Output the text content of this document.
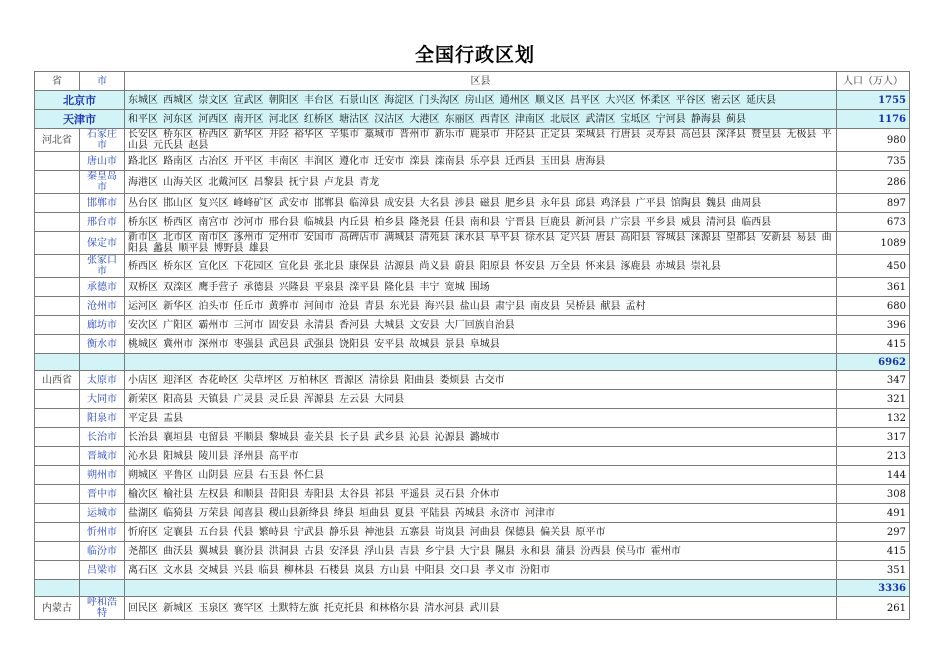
全国行政区划
省	市	区县	人口（万人）
北京市		东城区 西城区 崇文区 宣武区 朝阳区 丰台区 石景山区 海淀区 门头沟区 房山区 通州区 顺义区 昌平区 大兴区 怀柔区 平谷区 密云区 延庆县	1755
天津市		和平区 河东区 河西区 南开区 河北区 红桥区 塘沽区 汉沽区 大港区 东丽区 西青区 津南区 北辰区 武清区 宝坻区 宁河县 静海县 蓟县	1176
河北省	石家庄市	长安区 桥东区 桥西区 新华区 井陉 裕华区 辛集市 藁城市 晋州市 新乐市 鹿泉市 井陉县 正定县 栾城县 行唐县 灵寿县 高邑县 深泽县 赞皇县 无极县 平山县 元氏县 赵县	980
	唐山市	路北区 路南区 古冶区 开平区 丰南区 丰润区 遵化市 迁安市 滦县 滦南县 乐亭县 迁西县 玉田县 唐海县	735
	秦皇岛市	海港区 山海关区 北戴河区 昌黎县 抚宁县 卢龙县 青龙	286
	邯郸市	丛台区 邯山区 复兴区 峰峰矿区 武安市 邯郸县 临漳县 成安县 大名县 涉县 磁县 肥乡县 永年县 邱县 鸡泽县 广平县 馆陶县 魏县 曲周县	897
	邢台市	桥东区 桥西区 南宫市 沙河市 邢台县 临城县 内丘县 柏乡县 隆尧县 任县 南和县 宁晋县 巨鹿县 新河县 广宗县 平乡县 威县 清河县 临西县	673
	保定市	新市区 北市区 南市区 涿州市 定州市 安国市 高碑店市 满城县 清苑县 涞水县 阜平县 徐水县 定兴县 唐县 高阳县 容城县 涞源县 望都县 安新县 易县 曲阳县 蠡县 顺平县 博野县 雄县	1089
	张家口市	桥西区 桥东区 宣化区 下花园区 宣化县 张北县 康保县 沽源县 尚义县 蔚县 阳原县 怀安县 万全县 怀来县 涿鹿县 赤城县 崇礼县	450
	承德市	双桥区 双滦区 鹰手营子 承德县 兴隆县 平泉县 滦平县 隆化县 丰宁 宽城 围场	361
	沧州市	运河区 新华区 泊头市 任丘市 黄骅市 河间市 沧县 青县 东光县 海兴县 盐山县 肃宁县 南皮县 吴桥县 献县 孟村	680
	廊坊市	安次区 广阳区 霸州市 三河市 固安县 永清县 香河县 大城县 文安县 大厂回族自治县	396
	衡水市	桃城区 冀州市 深州市 枣强县 武邑县 武强县 饶阳县 安平县 故城县 景县 阜城县	415
			6962
山西省	太原市	小店区 迎泽区 杏花岭区 尖草坪区 万柏林区 晋源区 清徐县 阳曲县 娄烦县 古交市	347
	大同市	新荣区 阳高县 天镇县 广灵县 灵丘县 浑源县 左云县 大同县	321
	阳泉市	平定县 盂县	132
	长治市	长治县 襄垣县 屯留县 平顺县 黎城县 壶关县 长子县 武乡县 沁县 沁源县 潞城市	317
	晋城市	沁水县 阳城县 陵川县 泽州县 高平市	213
	朔州市	朔城区 平鲁区 山阴县 应县 右玉县 怀仁县	144
	晋中市	榆次区 榆社县 左权县 和顺县 昔阳县 寿阳县 太谷县 祁县 平遥县 灵石县 介休市	308
	运城市	盐湖区 临猗县 万荣县 闻喜县 稷山县新绛县 绛县 垣曲县 夏县 平陆县 芮城县 永济市 河津市	491
	忻州市	忻府区 定襄县 五台县 代县 繁峙县 宁武县 静乐县 神池县 五寨县 岢岚县 河曲县 保德县 偏关县 原平市	297
	临汾市	尧都区 曲沃县 翼城县 襄汾县 洪洞县 古县 安泽县 浮山县 吉县 乡宁县 大宁县 隰县 永和县 蒲县 汾西县 侯马市 霍州市	415
	吕梁市	离石区 文水县 交城县 兴县 临县 柳林县 石楼县 岚县 方山县 中阳县 交口县 孝义市 汾阳市	351
			3336
内蒙古	呼和浩特	回民区 新城区 玉泉区 赛罕区 土默特左旗 托克托县 和林格尔县 清水河县 武川县	261
